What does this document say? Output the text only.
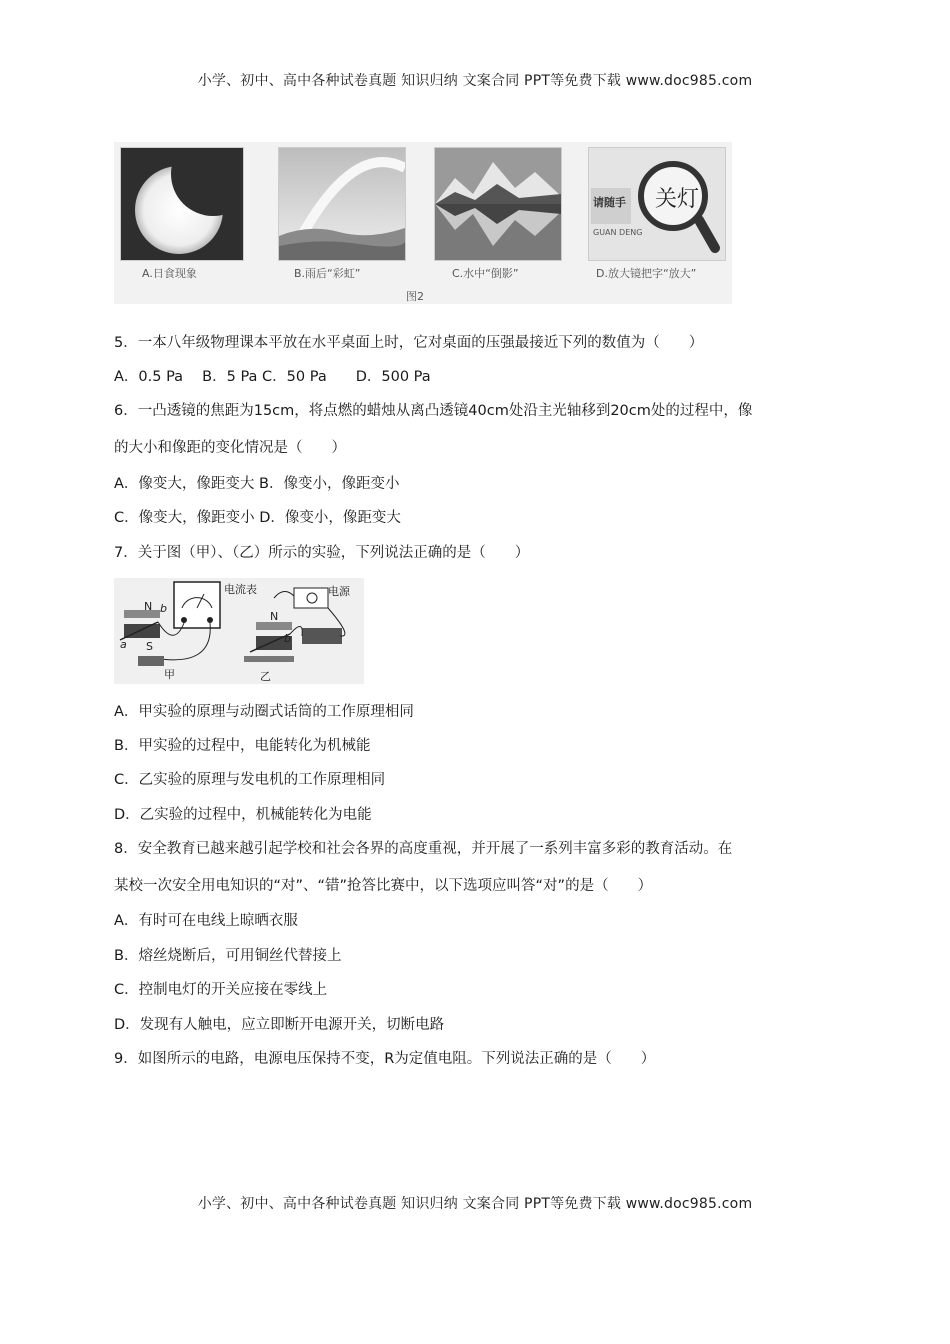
小学、初中、高中各种试卷真题 知识归纳 文案合同 PPT等免费下载 www.doc985.com
请随手 关灯
GUAN DENG
A.日食现象	B.雨后“彩虹”	C.水中“倒影”	D.放大镜把字“放大”
图2
5．一本八年级物理课本平放在水平桌面上时，它对桌面的压强最接近下列的数值为（　　）
A．0.5 Pa　 B．5 Pa C．50 Pa　　D．500 Pa
6．一凸透镜的焦距为15cm，将点燃的蜡烛从离凸透镜40cm处沿主光轴移到20cm处的过程中，像
的大小和像距的变化情况是（　　）
A．像变大，像距变大 B．像变小，像距变小
C．像变大，像距变小 D．像变小，像距变大
7．关于图（甲）、（乙）所示的实验，下列说法正确的是（　　）
电流表	电源
N b
a S
N
b
甲	乙
A．甲实验的原理与动圈式话筒的工作原理相同
B．甲实验的过程中，电能转化为机械能
C．乙实验的原理与发电机的工作原理相同
D．乙实验的过程中，机械能转化为电能
8．安全教育已越来越引起学校和社会各界的高度重视，并开展了一系列丰富多彩的教育活动。在
某校一次安全用电知识的“对”、“错”抢答比赛中，以下选项应叫答“对”的是（　　）
A．有时可在电线上晾晒衣服
B．熔丝烧断后，可用铜丝代替接上
C．控制电灯的开关应接在零线上
D．发现有人触电，应立即断开电源开关，切断电路
9．如图所示的电路，电源电压保持不变，R为定值电阻。下列说法正确的是（　　）
小学、初中、高中各种试卷真题 知识归纳 文案合同 PPT等免费下载 www.doc985.com
